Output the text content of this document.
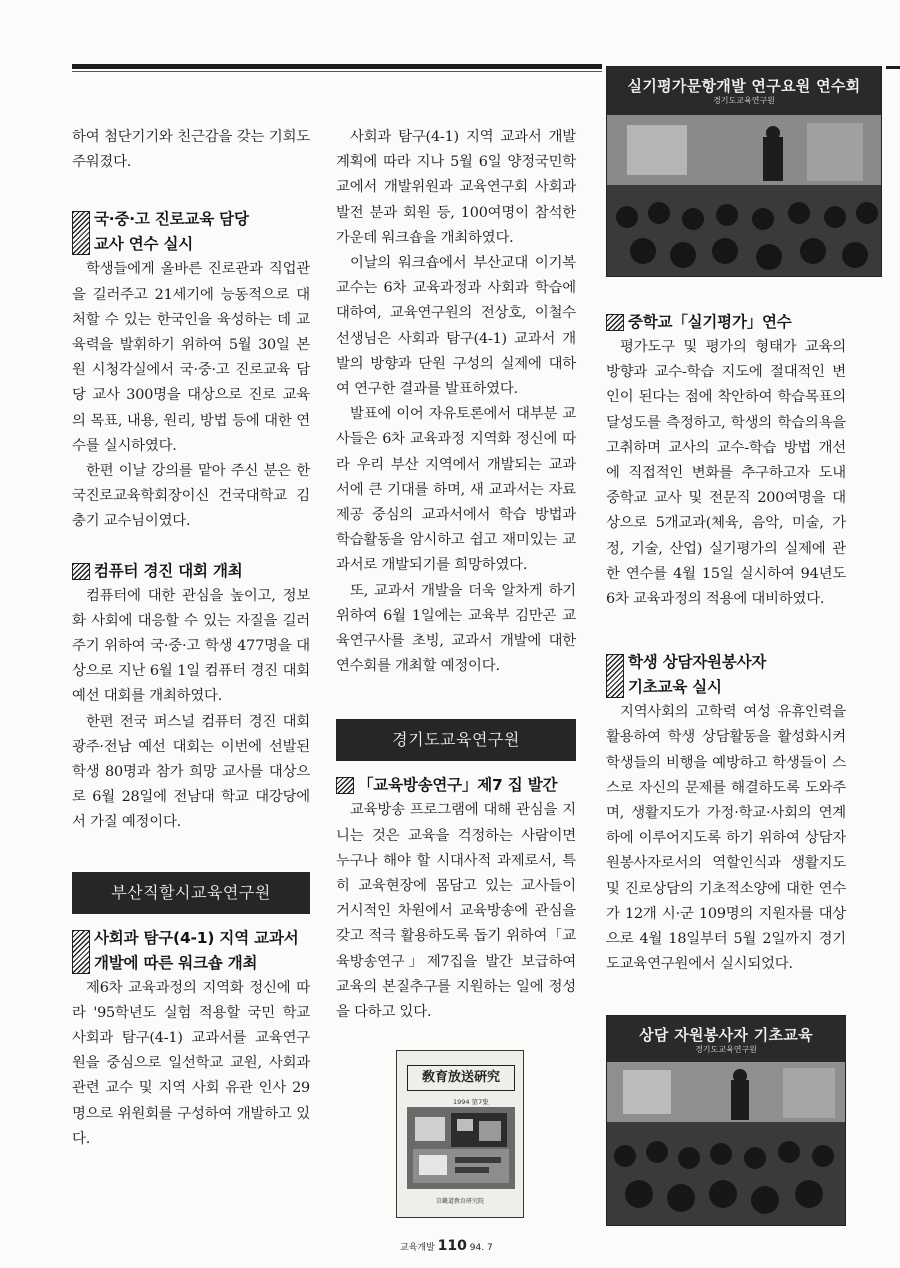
하여 첨단기기와 친근감을 갖는 기회도 주워졌다.

국·중·고 진로교육 담당
교사 연수 실시

학생들에게 올바른 진로관과 직업관을 길러주고 21세기에 능동적으로 대처할 수 있는 한국인을 육성하는 데 교육력을 발휘하기 위하여 5월 30일 본원 시청각실에서 국·중·고 진로교육 담당 교사 300명을 대상으로 진로 교육의 목표, 내용, 원리, 방법 등에 대한 연수를 실시하였다.

한편 이날 강의를 맡아 주신 분은 한국진로교육학회장이신 건국대학교 김충기 교수님이였다.

컴퓨터 경진 대회 개최

컴퓨터에 대한 관심을 높이고, 정보화 사회에 대응할 수 있는 자질을 길러주기 위하여 국·중·고 학생 477명을 대상으로 지난 6월 1일 컴퓨터 경진 대회 예선 대회를 개최하였다.

한편 전국 퍼스널 컴퓨터 경진 대회 광주·전남 예선 대회는 이번에 선발된 학생 80명과 참가 희망 교사를 대상으로 6월 28일에 전남대 학교 대강당에서 가질 예정이다.

부산직할시교육연구원
사회과 탐구(4-1) 지역 교과서
개발에 따른 워크숍 개최

제6차 교육과정의 지역화 정신에 따라 '95학년도 실험 적용할 국민 학교 사회과 탐구(4-1) 교과서를 교육연구원을 중심으로 일선학교 교원, 사회과 관련 교수 및 지역 사회 유관 인사 29명으로 위원회를 구성하여 개발하고 있다.

사회과 탐구(4-1) 지역 교과서 개발계획에 따라 지나 5월 6일 양정국민학교에서 개발위원과 교육연구회 사회과 발전 분과 회원 등, 100여명이 참석한 가운데 워크숍을 개최하였다.

이날의 워크숍에서 부산교대 이기복 교수는 6차 교육과정과 사회과 학습에 대하여, 교육연구원의 전상호, 이철수 선생님은 사회과 탐구(4-1) 교과서 개발의 방향과 단원 구성의 실제에 대하여 연구한 결과를 발표하였다.

발표에 이어 자유토론에서 대부분 교사들은 6차 교육과정 지역화 정신에 따라 우리 부산 지역에서 개발되는 교과서에 큰 기대를 하며, 새 교과서는 자료 제공 중심의 교과서에서 학습 방법과 학습활동을 암시하고 쉽고 재미있는 교과서로 개발되기를 희망하였다.

또, 교과서 개발을 더욱 알차게 하기 위하여 6월 1일에는 교육부 김만곤 교육연구사를 초빙, 교과서 개발에 대한 연수회를 개최할 예정이다.

경기도교육연구원
「교육방송연구」제7 집 발간

교육방송 프로그램에 대해 관심을 지니는 것은 교육을 걱정하는 사람이면 누구나 해야 할 시대사적 과제로서, 특히 교육현장에 몸담고 있는 교사들이 거시적인 차원에서 교육방송에 관심을 갖고 적극 활용하도록 돕기 위하여「교육방송연구」제7집을 발간 보급하여 교육의 본질추구를 지원하는 일에 정성을 다하고 있다.

敎育放送硏究
1994 第7集
京畿道敎育硏究院
실기평가문항개발 연구요원 연수회
경기도교육연구원
중학교「실기평가」연수

평가도구 및 평가의 형태가 교육의 방향과 교수-학습 지도에 절대적인 변인이 된다는 점에 착안하여 학습목표의 달성도를 측정하고, 학생의 학습의욕을 고취하며 교사의 교수-학습 방법 개선에 직접적인 변화를 추구하고자 도내 중학교 교사 및 전문직 200여명을 대상으로 5개교과(체육, 음악, 미술, 가정, 기술, 산업) 실기평가의 실제에 관한 연수를 4월 15일 실시하여 94년도 6차 교육과정의 적용에 대비하였다.

학생 상담자원봉사자
기초교육 실시

지역사회의 고학력 여성 유휴인력을 활용하여 학생 상담활동을 활성화시켜 학생들의 비행을 예방하고 학생들이 스스로 자신의 문제를 해결하도록 도와주며, 생활지도가 가정·학교·사회의 연계하에 이루어지도록 하기 위하여 상담자원봉사자로서의 역할인식과 생활지도 및 진로상담의 기초적소양에 대한 연수가 12개 시·군 109명의 지원자를 대상으로 4월 18일부터 5월 2일까지 경기도교육연구원에서 실시되었다.

상담 자원봉사자 기초교육
경기도교육연구원
교육개발 110 94. 7
